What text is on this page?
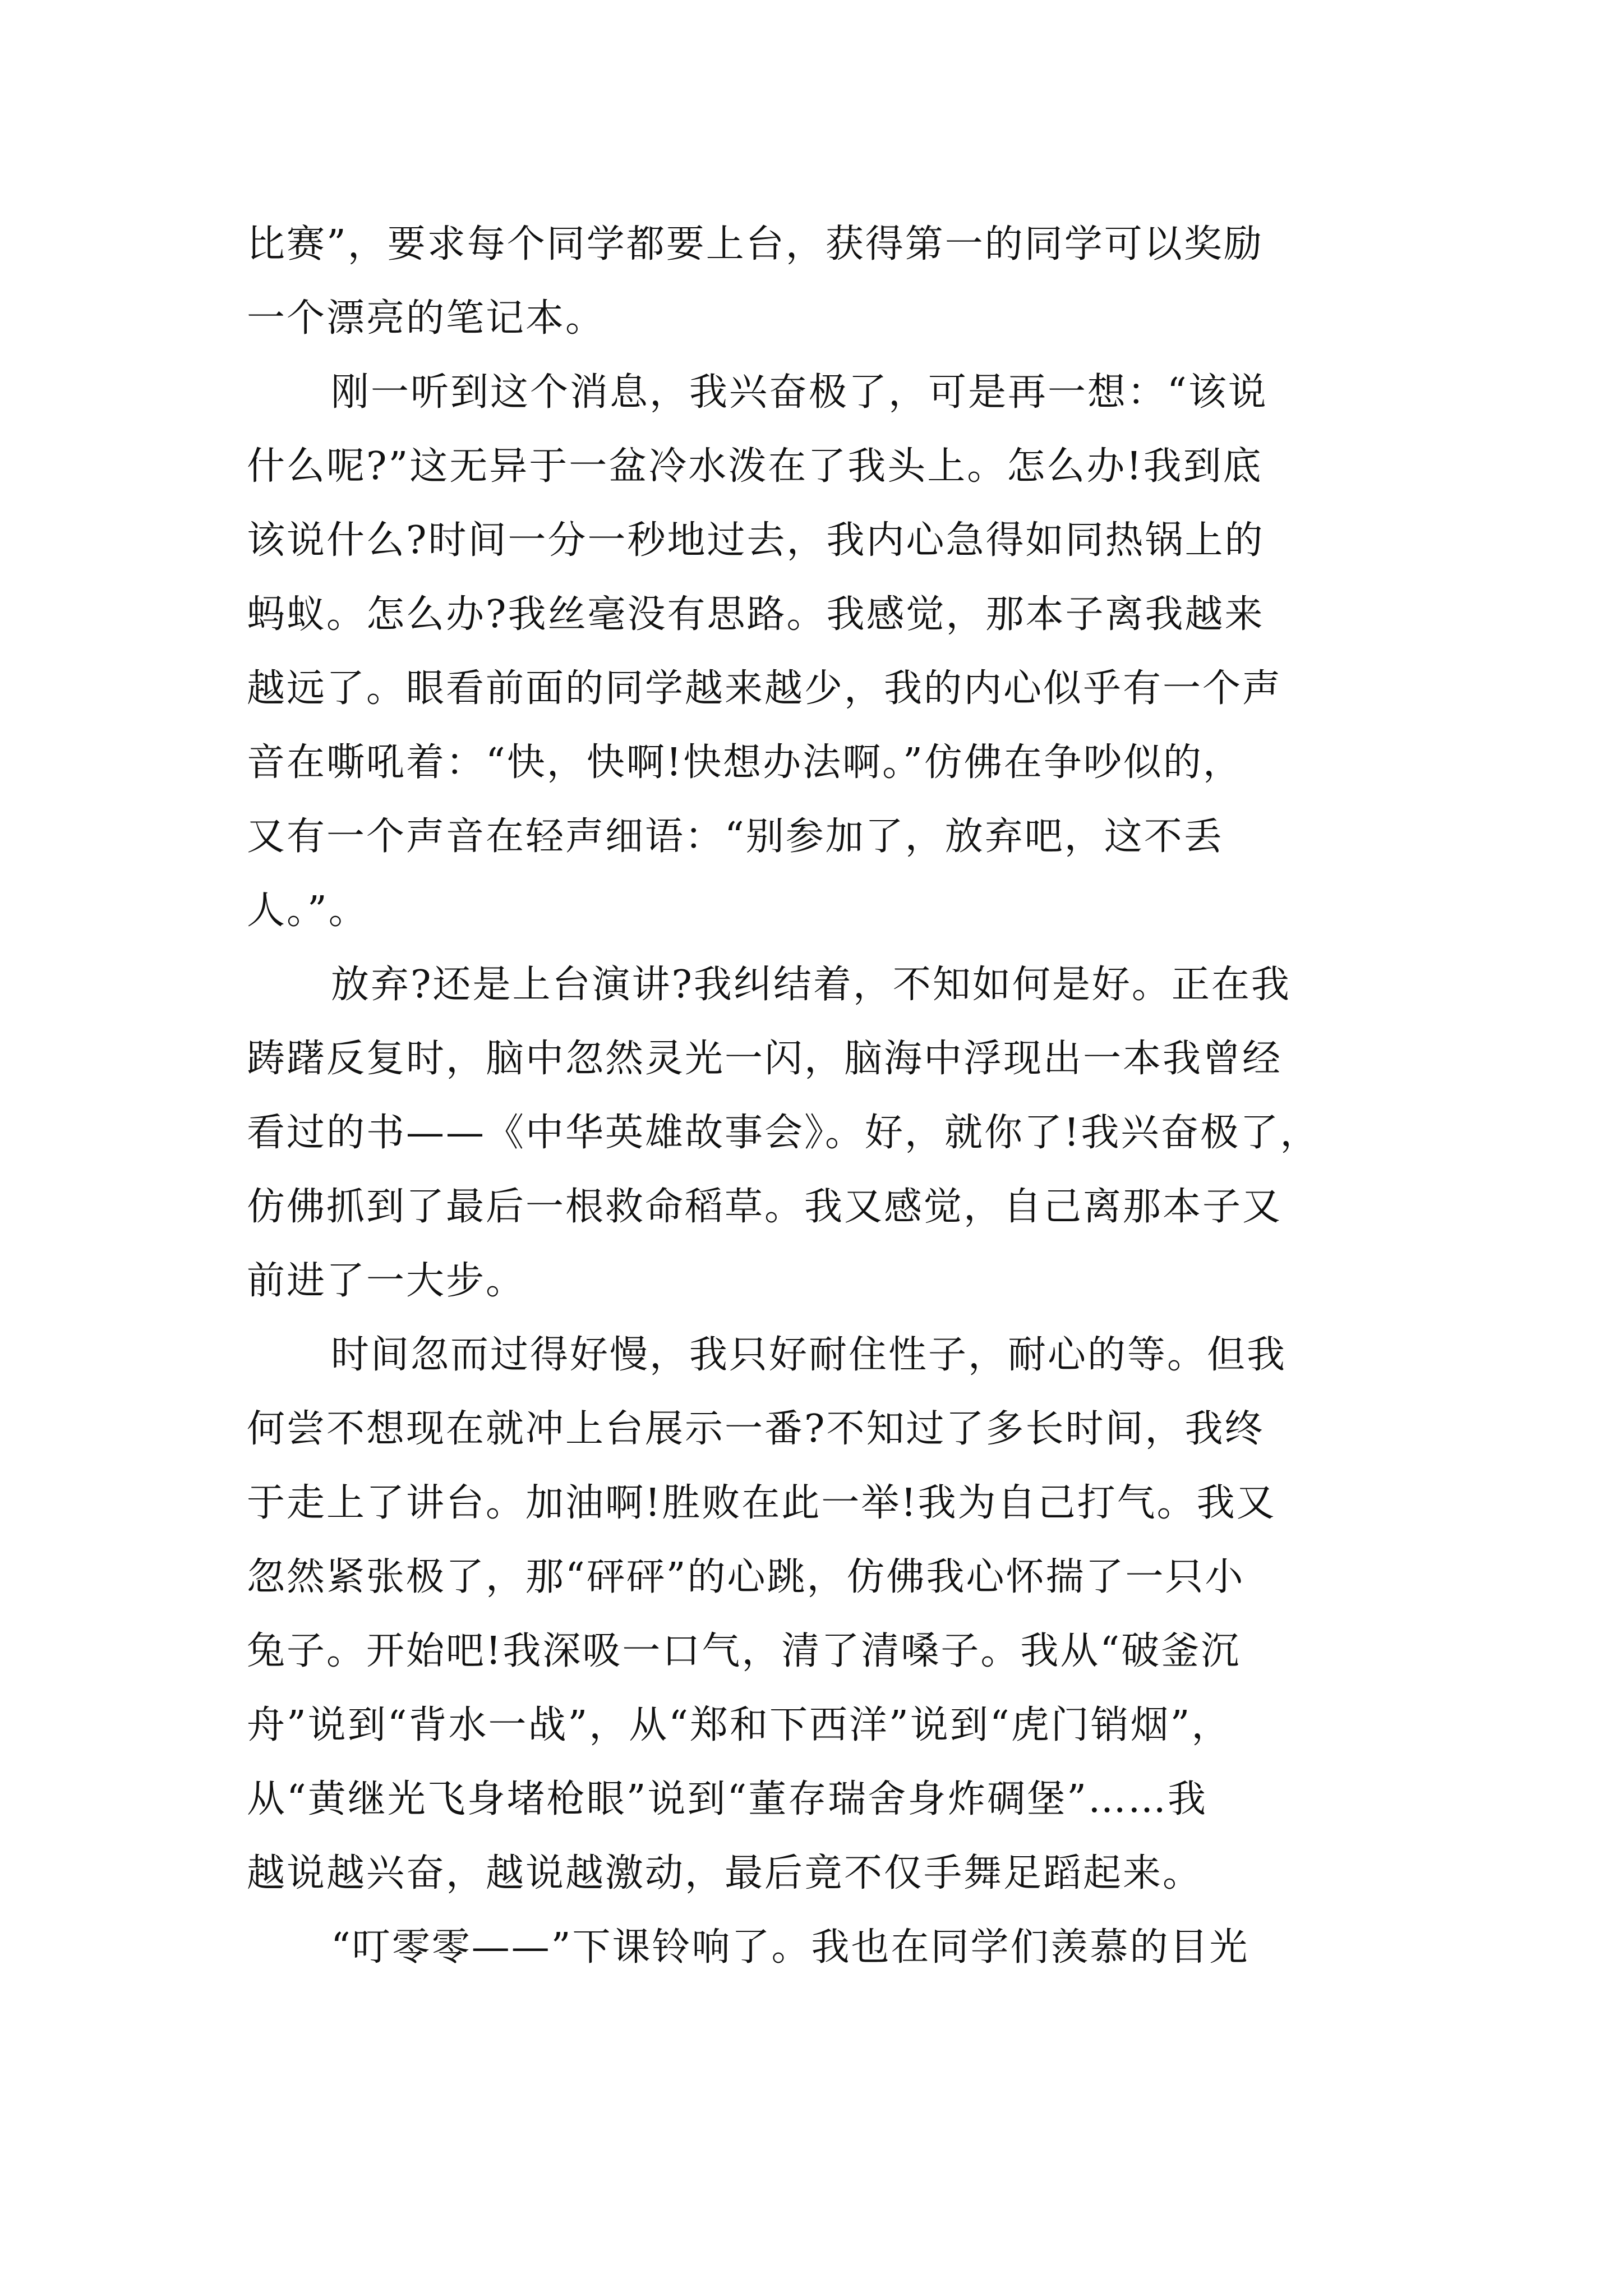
比赛”，要求每个同学都要上台，获得第一的同学可以奖励
一个漂亮的笔记本。
刚一听到这个消息，我兴奋极了，可是再一想：“该说
什么呢?”这无异于一盆冷水泼在了我头上。怎么办!我到底
该说什么?时间一分一秒地过去，我内心急得如同热锅上的
蚂蚁。怎么办?我丝毫没有思路。我感觉，那本子离我越来
越远了。眼看前面的同学越来越少，我的内心似乎有一个声
音在嘶吼着：“快，快啊!快想办法啊。”仿佛在争吵似的，
又有一个声音在轻声细语：“别参加了，放弃吧，这不丢
人。”。
放弃?还是上台演讲?我纠结着，不知如何是好。正在我
踌躇反复时，脑中忽然灵光一闪，脑海中浮现出一本我曾经
看过的书——《中华英雄故事会》。好，就你了!我兴奋极了，
仿佛抓到了最后一根救命稻草。我又感觉，自己离那本子又
前进了一大步。
时间忽而过得好慢，我只好耐住性子，耐心的等。但我
何尝不想现在就冲上台展示一番?不知过了多长时间，我终
于走上了讲台。加油啊!胜败在此一举!我为自己打气。我又
忽然紧张极了，那“砰砰”的心跳，仿佛我心怀揣了一只小
兔子。开始吧!我深吸一口气，清了清嗓子。我从“破釜沉
舟”说到“背水一战”，从“郑和下西洋”说到“虎门销烟”，
从“黄继光飞身堵枪眼”说到“董存瑞舍身炸碉堡”……我
越说越兴奋，越说越激动，最后竟不仅手舞足蹈起来。
“叮零零——”下课铃响了。我也在同学们羡慕的目光
